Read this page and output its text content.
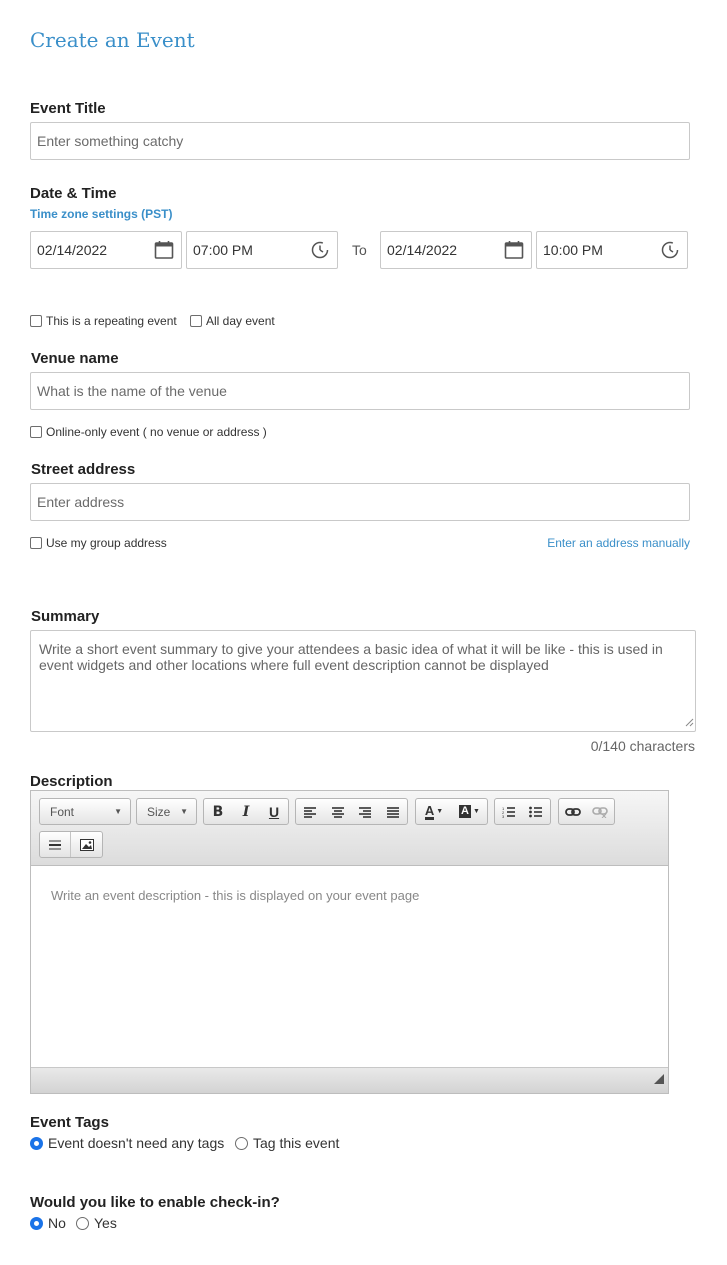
Create an Event
Event Title
Enter something catchy
Date & Time
Time zone settings (PST)
02/14/2022	07:00 PM	To 02/14/2022	10:00 PM
This is a repeating event All day event
Venue name
What is the name of the venue
Online-only event ( no venue or address )
Street address
Enter address
Use my group address	Enter an address manually
Summary
Write a short event summary to give your attendees a basic idea of what it will be like - this is used in event widgets and other locations where full event description cannot be displayed
0/140 characters
Description
Font	▼ Size ▼	B	I	U	A ▼ A ▼	1
2
3
Write an event description - this is displayed on your event page
Event Tags
Event doesn't need any tags Tag this event
Would you like to enable check-in?
No Yes
